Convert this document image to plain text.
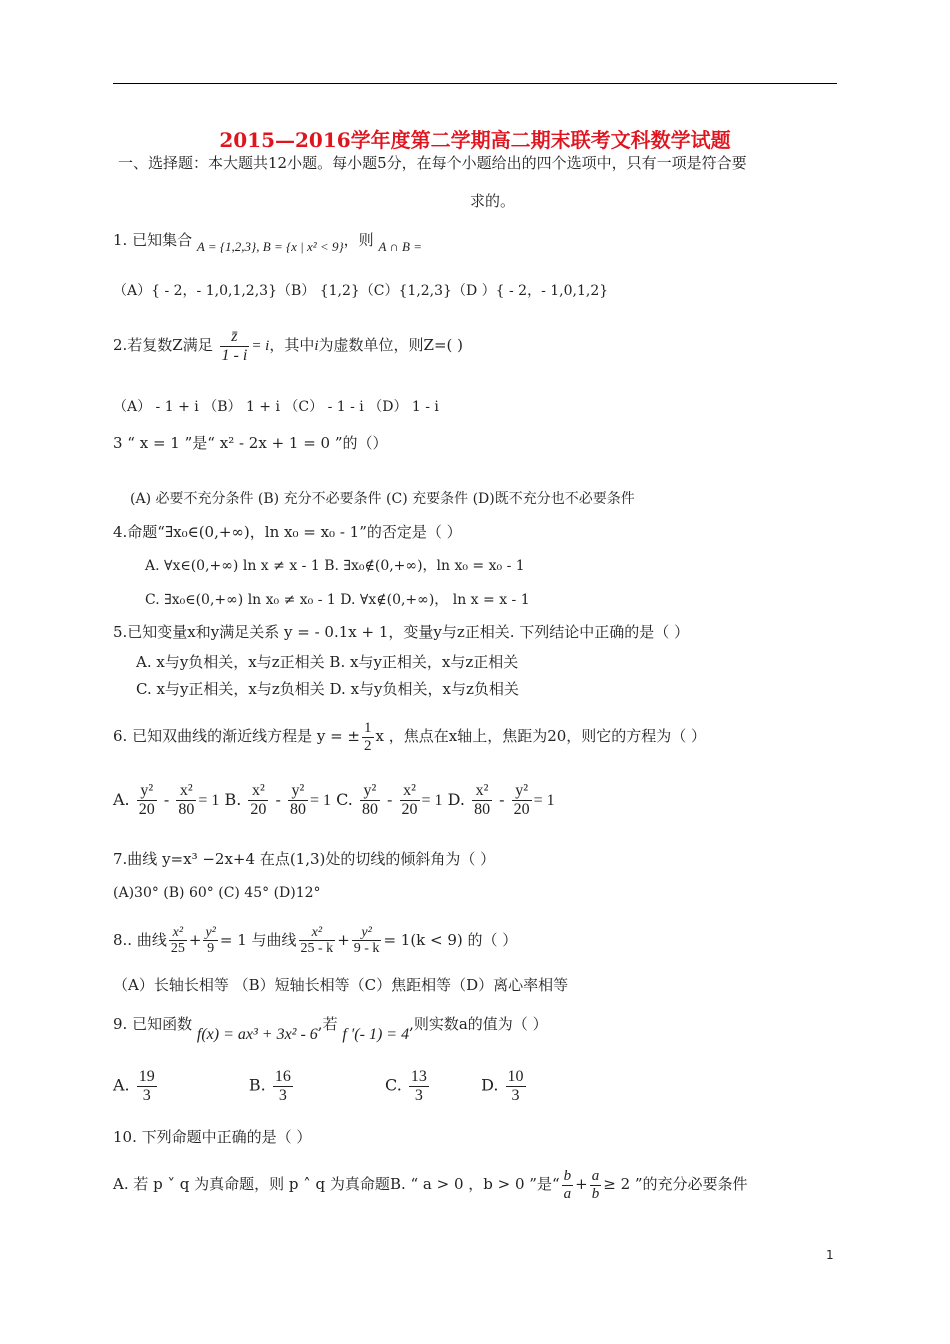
2015—2016学年度第二学期高二期末联考文科数学试题
一、选择题：本大题共12小题。每小题5分，在每个小题给出的四个选项中，只有一项是符合要
求的。
1. 已知集合 A = {1,2,3}, B = {x | x² < 9}，则 A ∩ B =
（A）{ - 2，- 1,0,1,2,3}（B） {1,2}（C）{1,2,3}（D ）{ - 2，- 1,0,1,2}
2.若复数Z满足 $\frac{z̄}{1 - i} = i$，其中i为虚数单位，则Z=( )
（A） - 1 + i （B） 1 + i （C） - 1 - i （D） 1 - i
3 “ x = 1 ”是“ x² - 2x + 1 = 0 ”的（）
(A) 必要不充分条件 (B) 充分不必要条件 (C) 充要条件 (D)既不充分也不必要条件
4.命题“∃x₀∈(0,+∞)，ln x₀ = x₀ - 1”的否定是（ ）
A. ∀x∈(0,+∞) ln x ≠ x - 1 B. ∃x₀∉(0,+∞)，ln x₀ = x₀ - 1
C. ∃x₀∈(0,+∞) ln x₀ ≠ x₀ - 1 D. ∀x∉(0,+∞)， ln x = x - 1
5.已知变量x和y满足关系 y = - 0.1x + 1，变量y与z正相关. 下列结论中正确的是（ ）
A. x与y负相关，x与z正相关 B. x与y正相关，x与z正相关
C. x与y正相关，x与z负相关 D. x与y负相关，x与z负相关
6. 已知双曲线的渐近线方程是 y = ± $\frac{1}{2}$ x ，焦点在x轴上，焦距为20，则它的方程为（ ）
A. $\frac{\text{y²}}{20} - \frac{\text{x²}}{80} = 1$ B. $\frac{\text{x²}}{20} - \frac{\text{y²}}{80} = 1$ C. $\frac{\text{y²}}{80} - \frac{\text{x²}}{20} = 1$ D. $\frac{\text{x²}}{80} - \frac{\text{y²}}{20} = 1$
7.曲线 y=x³ −2x+4 在点(1,3)处的切线的倾斜角为（ ）
(A)30° (B) 60° (C) 45° (D)12°
8.. 曲线 $\frac{\text{x²}}{25} + \frac{\text{y²}}{9} = 1$ 与曲线 $\frac{\text{x²}}{25 - k} + \frac{\text{y²}}{9 - k} = 1(k < 9)$ 的（ ）
（A）长轴长相等 （B）短轴长相等（C）焦距相等（D）离心率相等
9. 已知函数 f(x) = ax³ + 3x² - 6,若 f ′(- 1) = 4,则实数a的值为（ ）
A. $\frac{19}{3}$	B. $\frac{16}{3}$	C. $\frac{13}{3}$	D. $\frac{10}{3}$
10. 下列命题中正确的是（ ）
A. 若 p ˅ q 为真命题，则 p ˄ q 为真命题B. “ a > 0 ，b > 0 ”是“ $\frac{b}{a} + \frac{a}{b} \ge 2$ ”的充分必要条件
1
